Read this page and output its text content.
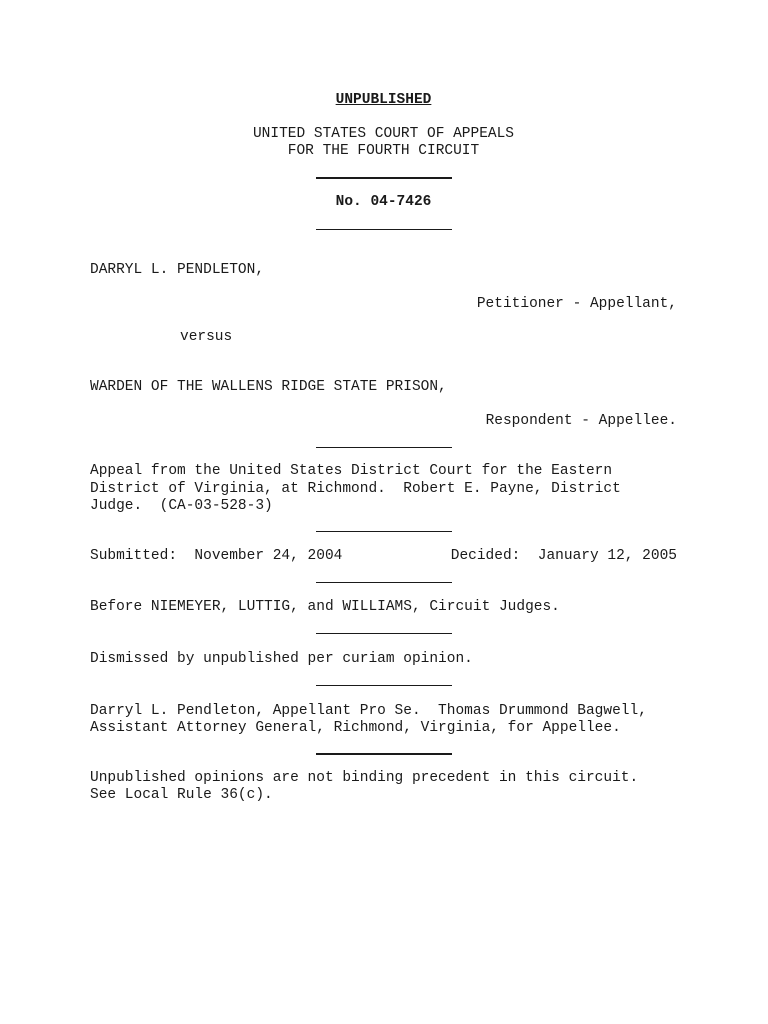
UNPUBLISHED
UNITED STATES COURT OF APPEALS
FOR THE FOURTH CIRCUIT
No. 04-7426
DARRYL L. PENDLETON,
Petitioner - Appellant,
versus
WARDEN OF THE WALLENS RIDGE STATE PRISON,
Respondent - Appellee.
Appeal from the United States District Court for the Eastern
District of Virginia, at Richmond.  Robert E. Payne, District
Judge.  (CA-03-528-3)
Submitted:  November 24, 2004	Decided:  January 12, 2005
Before NIEMEYER, LUTTIG, and WILLIAMS, Circuit Judges.
Dismissed by unpublished per curiam opinion.
Darryl L. Pendleton, Appellant Pro Se.  Thomas Drummond Bagwell,
Assistant Attorney General, Richmond, Virginia, for Appellee.
Unpublished opinions are not binding precedent in this circuit.
See Local Rule 36(c).
